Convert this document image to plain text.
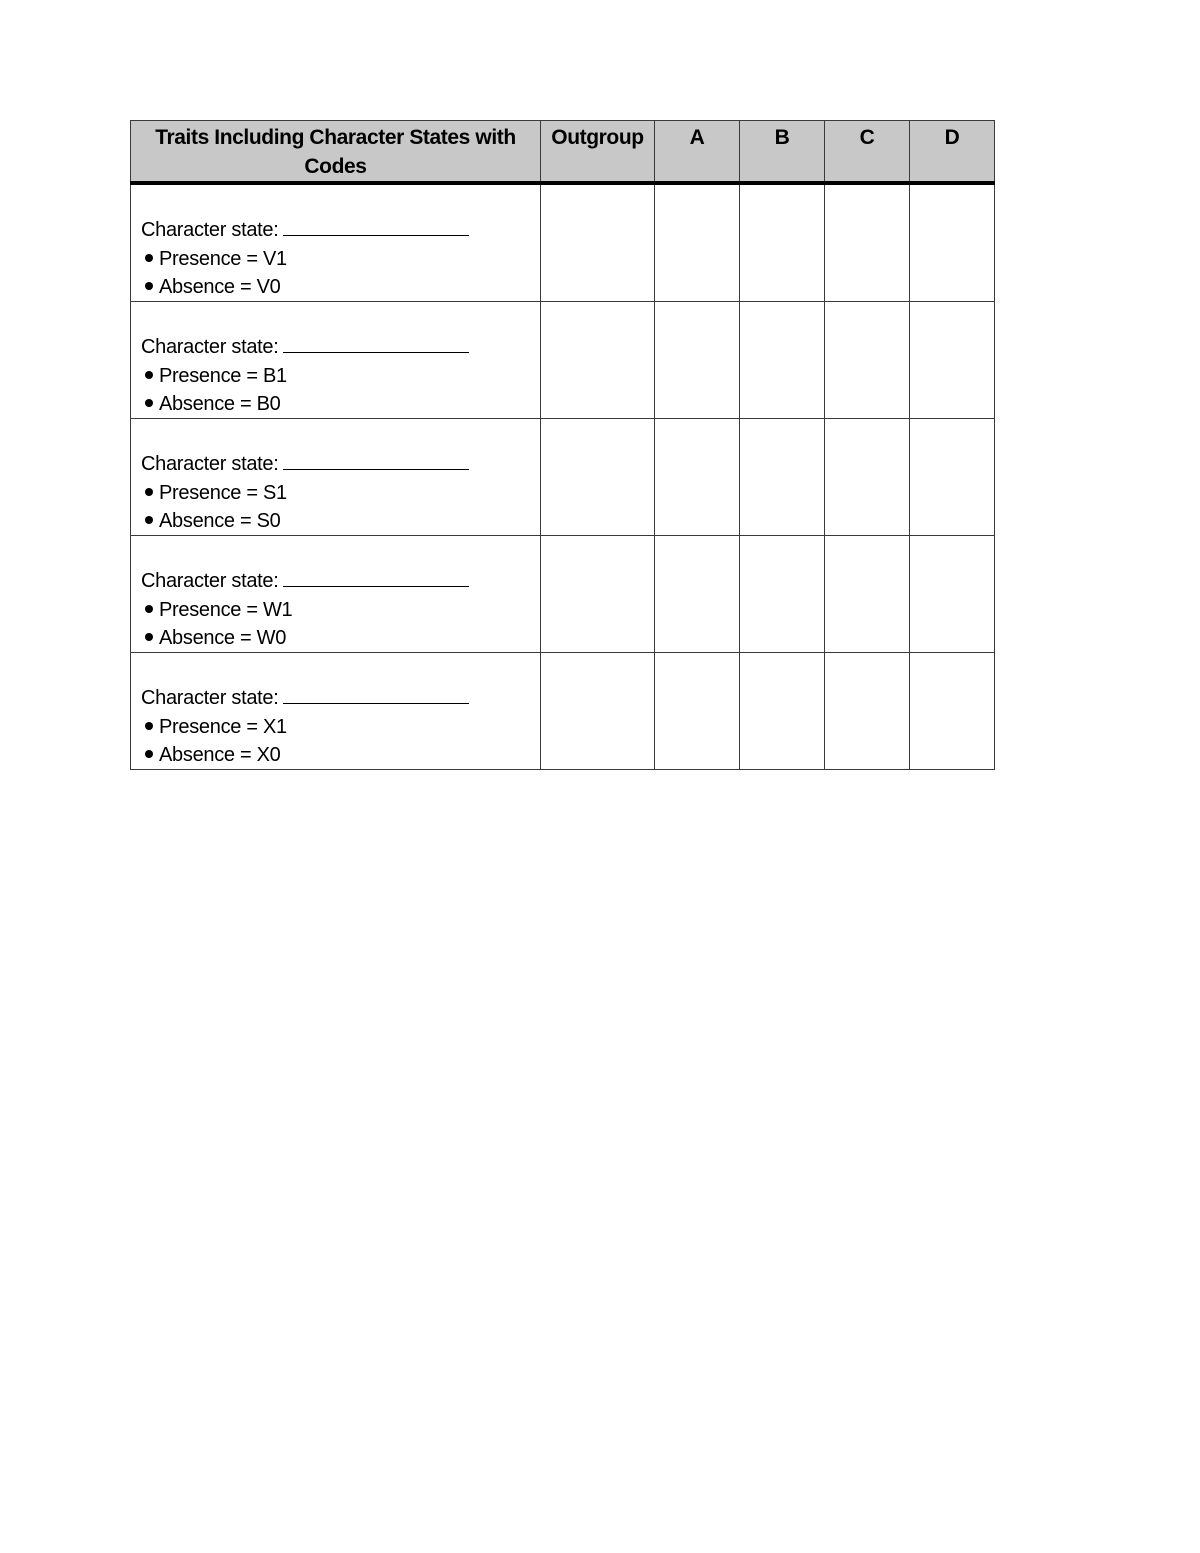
Traits Including Character States with Codes	Outgroup	A	B	C	D

Character state:
Presence = V1
Absence = V0					

Character state:
Presence = B1
Absence = B0					

Character state:
Presence = S1
Absence = S0					

Character state:
Presence = W1
Absence = W0					

Character state:
Presence = X1
Absence = X0					
